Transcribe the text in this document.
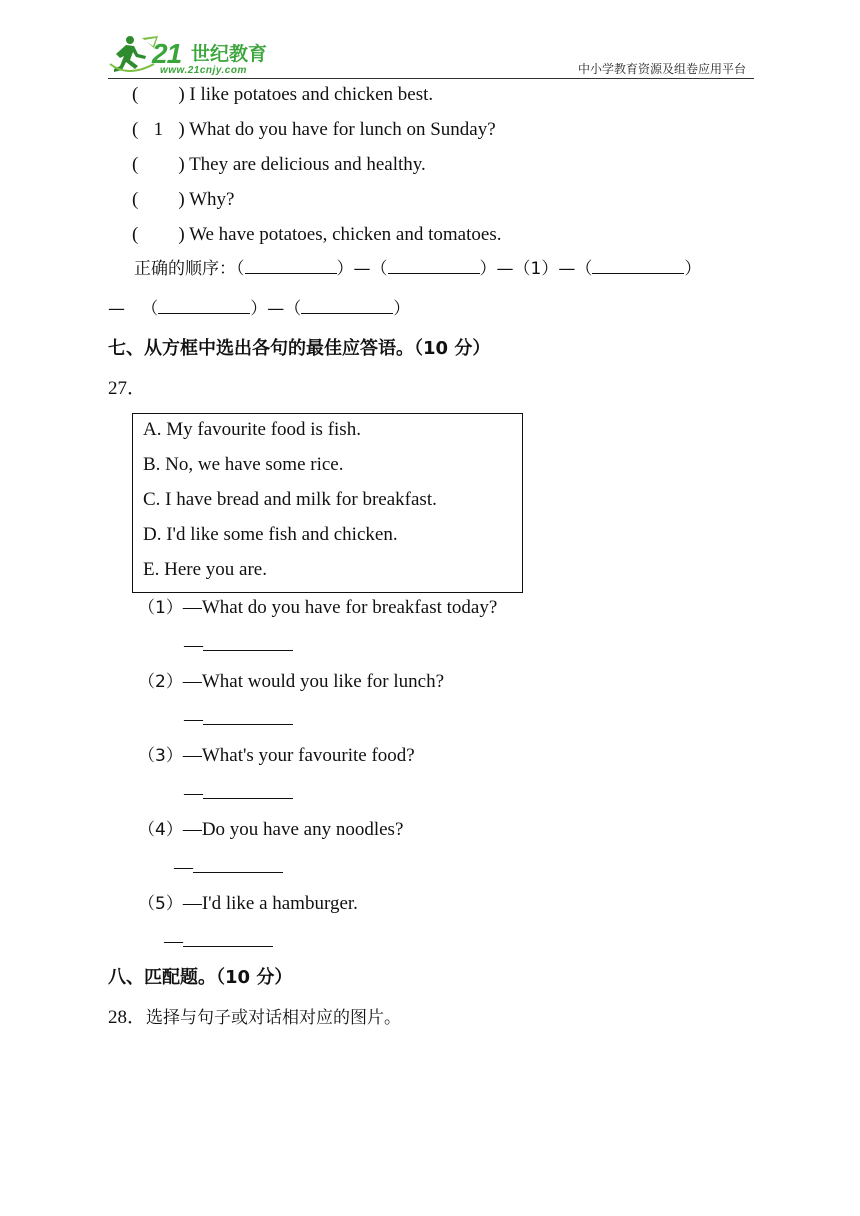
21 世纪教育
www.21cnjy.com	中小学教育资源及组卷应用平台
( ) I like potatoes and chicken best.
( 1 ) What do you have for lunch on Sunday?
( ) They are delicious and healthy.
( ) Why?
( ) We have potatoes, chicken and tomatoes.
正确的顺序：（	）—（	）—（1）—（	）
—   （	）—（	）
七、从方框中选出各句的最佳应答语。（10 分）
27．
A. My favourite food is fish.
B. No, we have some rice.
C. I have bread and milk for breakfast.
D. I'd like some fish and chicken.
E. Here you are.
（1）—What do you have for breakfast today?
—
（2）—What would you like for lunch?
—
（3）—What's your favourite food?
—
（4）—Do you have any noodles?
—
（5）—I'd like a hamburger.
—
八、匹配题。（10 分）
28．选择与句子或对话相对应的图片。
